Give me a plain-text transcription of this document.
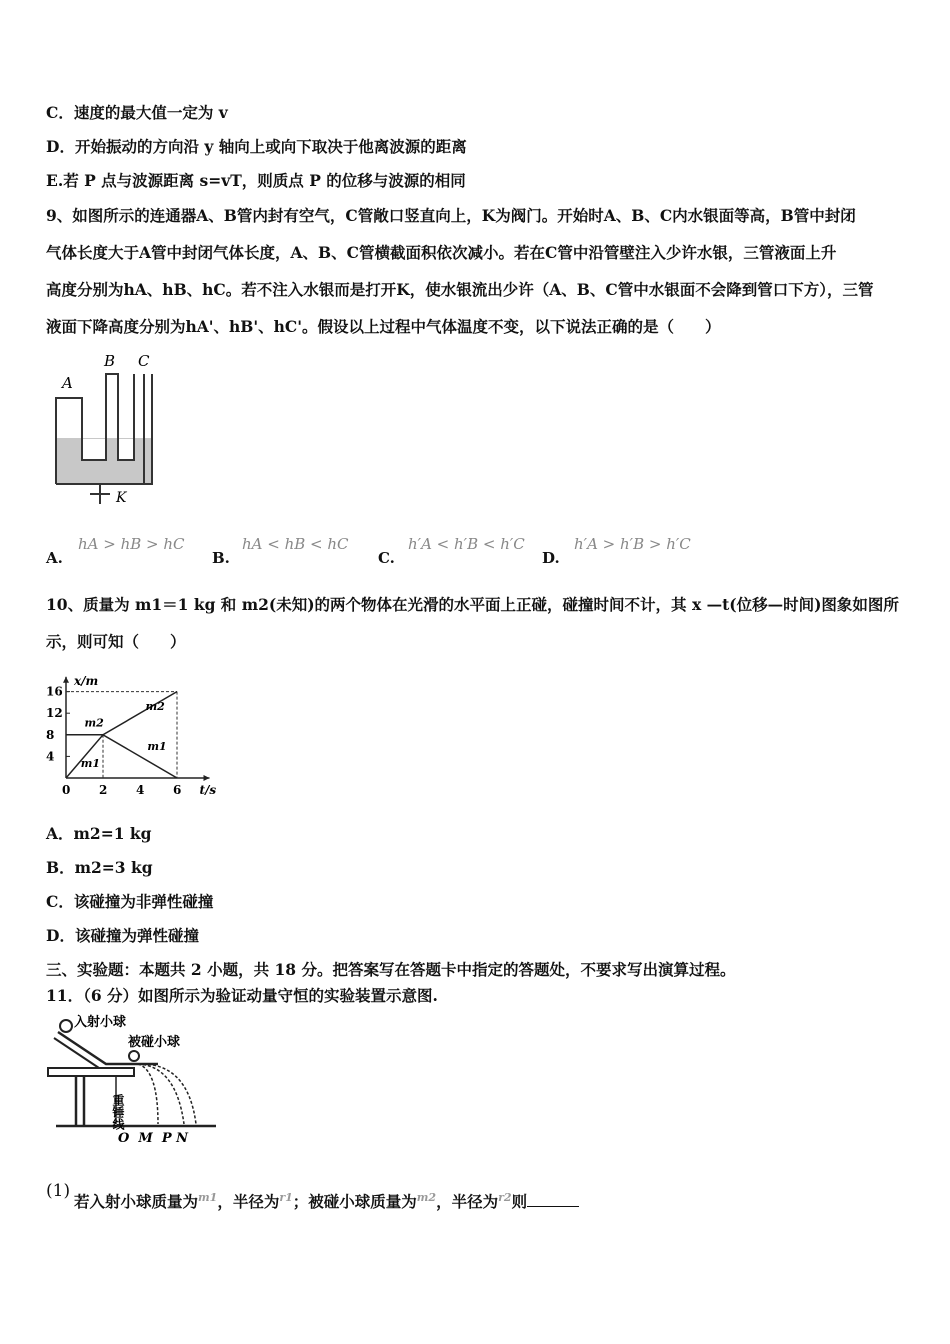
C．速度的最大值一定为 v
D．开始振动的方向沿 y 轴向上或向下取决于他离波源的距离
E.若 P 点与波源距离 s=vT，则质点 P 的位移与波源的相同
9、如图所示的连通器A、B管内封有空气，C管敞口竖直向上，K为阀门。开始时A、B、C内水银面等高，B管中封闭
气体长度大于A管中封闭气体长度，A、B、C管横截面积依次减小。若在C管中沿管壁注入少许水银，三管液面上升
高度分别为hA、hB、hC。若不注入水银而是打开K，使水银流出少许（A、B、C管中水银面不会降到管口下方），三管
液面下降高度分别为hA'、hB'、hC'。假设以上过程中气体温度不变，以下说法正确的是（　　）
A
B C
K
A.
hA > hB > hC
B.
hA < hB < hC
C.
h′A < h′B < h′C
D.
h′A > h′B > h′C
10、质量为 m1＝1 kg 和 m2(未知)的两个物体在光滑的水平面上正碰，碰撞时间不计，其 x —t(位移—时间)图象如图所
示，则可知（　　）
x/m
t/s
4
8
12
16
0 2 4 6
m2
m1
m2
m1
A．m2=1 kg
B．m2=3 kg
C．该碰撞为非弹性碰撞
D．该碰撞为弹性碰撞
三、实验题：本题共 2 小题，共 18 分。把答案写在答题卡中指定的答题处，不要求写出演算过程。
11．（6 分）如图所示为验证动量守恒的实验装置示意图.
入射小球
被碰小球
重锤线
O  M  P N
(1)
若入射小球质量为$^{m1}$，半径为$^{r1}$；被碰小球质量为$^{m2}$，半径为$^{r2}$则
